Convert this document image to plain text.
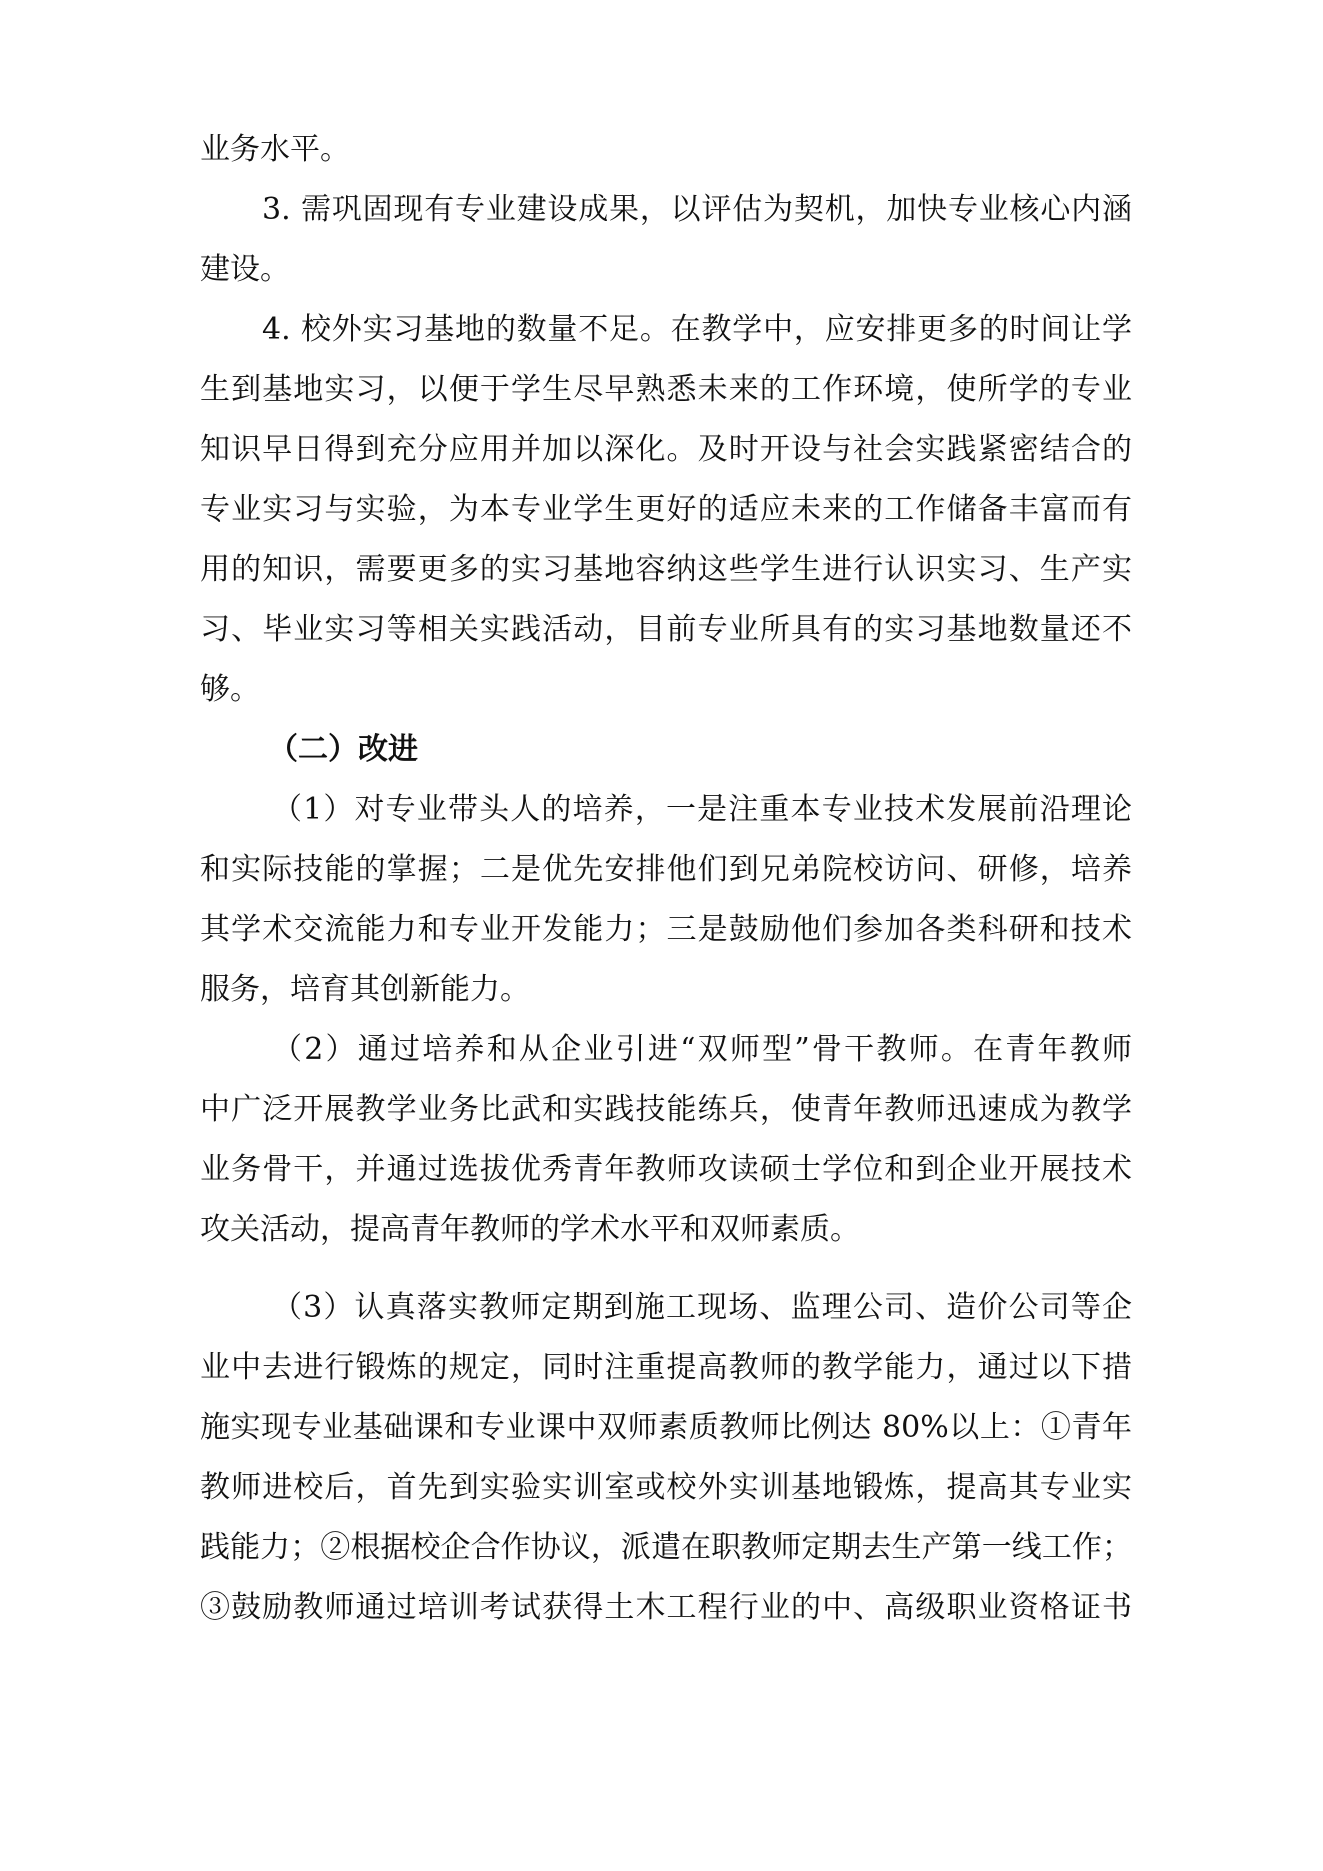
业务水平。

3. 需巩固现有专业建设成果，以评估为契机，加快专业核心内涵

建设。

4. 校外实习基地的数量不足。在教学中，应安排更多的时间让学

生到基地实习，以便于学生尽早熟悉未来的工作环境，使所学的专业

知识早日得到充分应用并加以深化。及时开设与社会实践紧密结合的

专业实习与实验，为本专业学生更好的适应未来的工作储备丰富而有

用的知识，需要更多的实习基地容纳这些学生进行认识实习、生产实

习、毕业实习等相关实践活动，目前专业所具有的实习基地数量还不

够。

（二）改进

（1）对专业带头人的培养，一是注重本专业技术发展前沿理论

和实际技能的掌握；二是优先安排他们到兄弟院校访问、研修，培养

其学术交流能力和专业开发能力；三是鼓励他们参加各类科研和技术

服务，培育其创新能力。

（2）通过培养和从企业引进“双师型”骨干教师。在青年教师

中广泛开展教学业务比武和实践技能练兵，使青年教师迅速成为教学

业务骨干，并通过选拔优秀青年教师攻读硕士学位和到企业开展技术

攻关活动，提高青年教师的学术水平和双师素质。

（3）认真落实教师定期到施工现场、监理公司、造价公司等企

业中去进行锻炼的规定，同时注重提高教师的教学能力，通过以下措

施实现专业基础课和专业课中双师素质教师比例达 80%以上：①青年

教师进校后，首先到实验实训室或校外实训基地锻炼，提高其专业实

践能力；②根据校企合作协议，派遣在职教师定期去生产第一线工作；

③鼓励教师通过培训考试获得土木工程行业的中、高级职业资格证书
